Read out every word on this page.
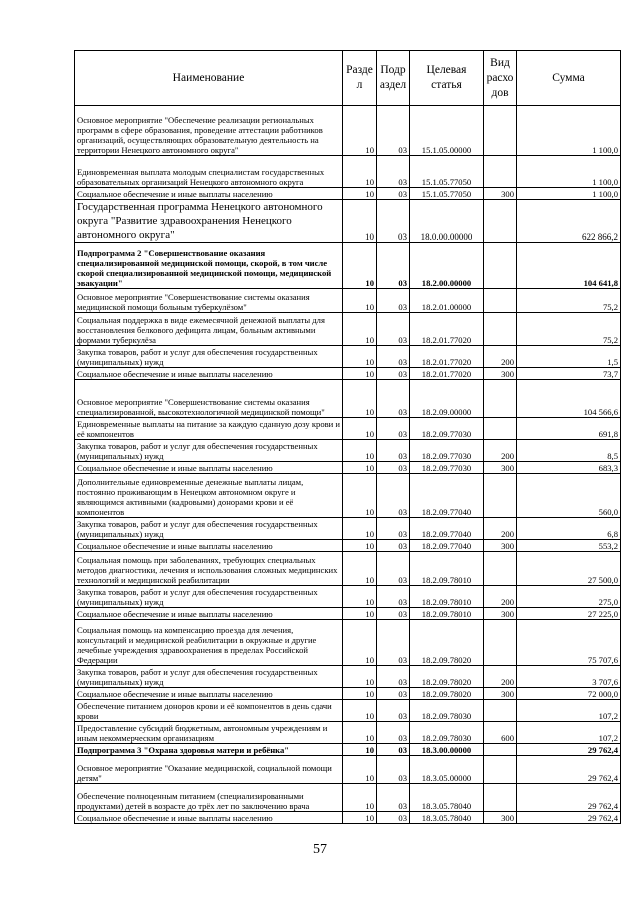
Наименование	Разде л	Подр аздел	Целевая статья	Вид расхо дов	Сумма
Основное мероприятие "Обеспечение реализации региональных программ в сфере образования, проведение аттестации работников организаций, осуществляющих образовательную деятельность на территории Ненецкого автономного округа"	10	03	15.1.05.00000		1 100,0
Единовременная выплата молодым специалистам государственных образовательных организаций Ненецкого автономного округа	10	03	15.1.05.77050		1 100,0
Социальное обеспечение и иные выплаты населению	10	03	15.1.05.77050	300	1 100,0
Государственная программа Ненецкого автономного округа "Развитие здравоохранения Ненецкого автономного округа"	10	03	18.0.00.00000		622 866,2
Подпрограмма 2 "Совершенствование оказания специализированной медицинской помощи, скорой, в том числе скорой специализированной медицинской помощи, медицинской эвакуации"	10	03	18.2.00.00000		104 641,8
Основное мероприятие "Совершенствование системы оказания медицинской помощи больным туберкулёзом"	10	03	18.2.01.00000		75,2
Социальная поддержка в виде ежемесячной денежной выплаты для восстановления белкового дефицита лицам, больным активными формами туберкулёза	10	03	18.2.01.77020		75,2
Закупка товаров, работ и услуг для обеспечения государственных (муниципальных) нужд	10	03	18.2.01.77020	200	1,5
Социальное обеспечение и иные выплаты населению	10	03	18.2.01.77020	300	73,7
Основное мероприятие "Совершенствование системы оказания специализированной, высокотехнологичной медицинской помощи"	10	03	18.2.09.00000		104 566,6
Единовременные выплаты на питание за каждую сданную дозу крови и её компонентов	10	03	18.2.09.77030		691,8
Закупка товаров, работ и услуг для обеспечения государственных (муниципальных) нужд	10	03	18.2.09.77030	200	8,5
Социальное обеспечение и иные выплаты населению	10	03	18.2.09.77030	300	683,3
Дополнительные единовременные денежные выплаты лицам, постоянно проживающим в Ненецком автономном округе и являющимся активными (кадровыми) донорами крови и её компонентов	10	03	18.2.09.77040		560,0
Закупка товаров, работ и услуг для обеспечения государственных (муниципальных) нужд	10	03	18.2.09.77040	200	6,8
Социальное обеспечение и иные выплаты населению	10	03	18.2.09.77040	300	553,2
Социальная помощь при заболеваниях, требующих специальных методов диагностики, лечения и использования сложных медицинских технологий и медицинской реабилитации	10	03	18.2.09.78010		27 500,0
Закупка товаров, работ и услуг для обеспечения государственных (муниципальных) нужд	10	03	18.2.09.78010	200	275,0
Социальное обеспечение и иные выплаты населению	10	03	18.2.09.78010	300	27 225,0
Социальная помощь на компенсацию проезда для лечения, консультаций и медицинской реабилитации в окружные и другие лечебные учреждения здравоохранения в пределах Российской Федерации	10	03	18.2.09.78020		75 707,6
Закупка товаров, работ и услуг для обеспечения государственных (муниципальных) нужд	10	03	18.2.09.78020	200	3 707,6
Социальное обеспечение и иные выплаты населению	10	03	18.2.09.78020	300	72 000,0
Обеспечение питанием доноров крови и её компонентов в день сдачи крови	10	03	18.2.09.78030		107,2
Предоставление субсидий бюджетным, автономным учреждениям и иным некоммерческим организациям	10	03	18.2.09.78030	600	107,2
Подпрограмма 3 "Охрана здоровья матери и ребёнка"	10	03	18.3.00.00000		29 762,4
Основное мероприятие "Оказание медицинской, социальной помощи детям"	10	03	18.3.05.00000		29 762,4
Обеспечение полноценным питанием (специализированными продуктами) детей в возрасте до трёх лет по заключению врача	10	03	18.3.05.78040		29 762,4
Социальное обеспечение и иные выплаты населению	10	03	18.3.05.78040	300	29 762,4
57
